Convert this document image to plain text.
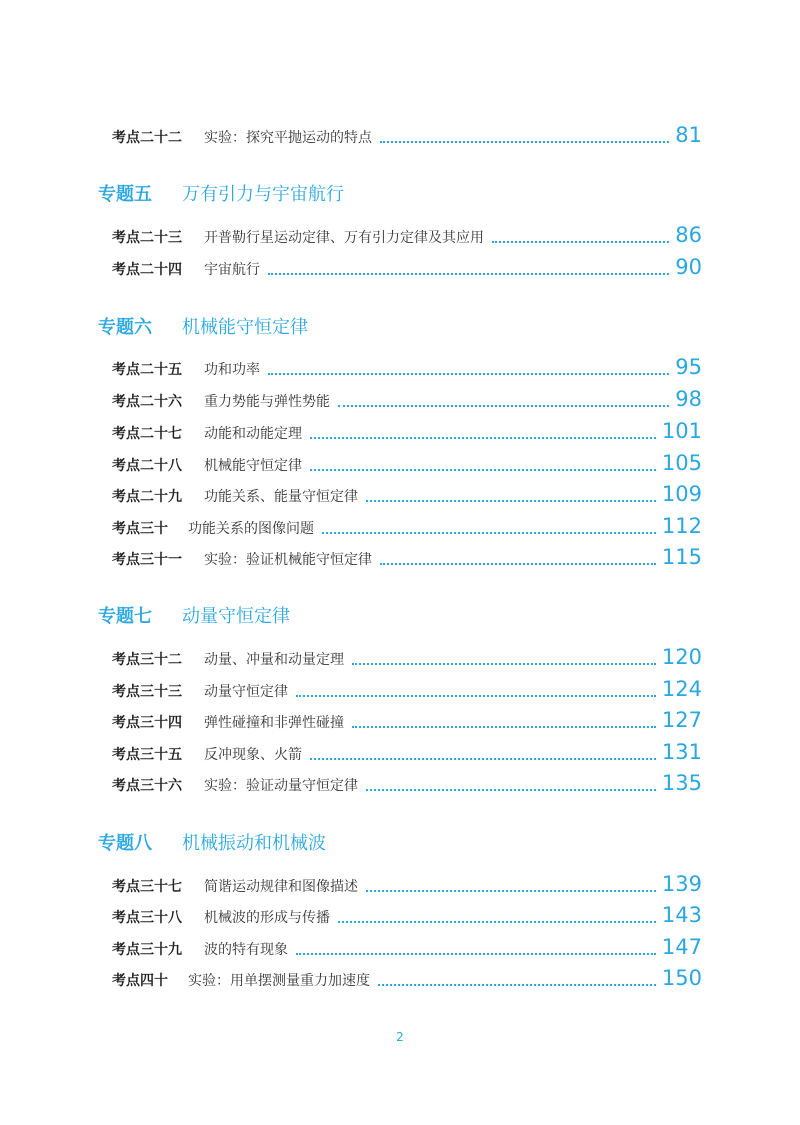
考点二十二	实验：探究平抛运动的特点	81
专题五	万有引力与宇宙航行
考点二十三	开普勒行星运动定律、万有引力定律及其应用	86
考点二十四	宇宙航行	90
专题六	机械能守恒定律
考点二十五	功和功率	95
考点二十六	重力势能与弹性势能	98
考点二十七	动能和动能定理	101
考点二十八	机械能守恒定律	105
考点二十九	功能关系、能量守恒定律	109
考点三十	功能关系的图像问题	112
考点三十一	实验：验证机械能守恒定律	115
专题七	动量守恒定律
考点三十二	动量、冲量和动量定理	120
考点三十三	动量守恒定律	124
考点三十四	弹性碰撞和非弹性碰撞	127
考点三十五	反冲现象、火箭	131
考点三十六	实验：验证动量守恒定律	135
专题八	机械振动和机械波
考点三十七	简谐运动规律和图像描述	139
考点三十八	机械波的形成与传播	143
考点三十九	波的特有现象	147
考点四十	实验：用单摆测量重力加速度	150
2
